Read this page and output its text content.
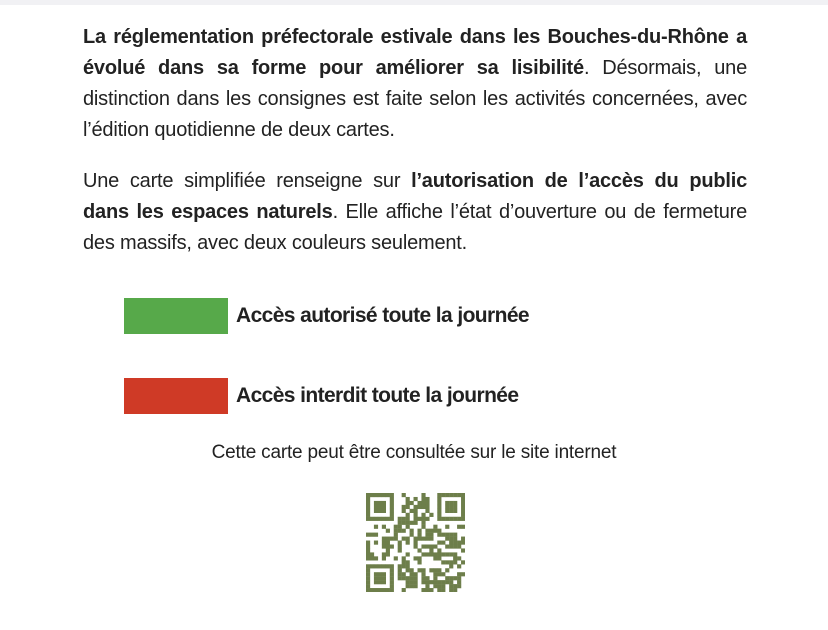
La réglementation préfectorale estivale dans les Bouches-du-Rhône a évolué dans sa forme pour améliorer sa lisibilité. Désormais, une distinction dans les consignes est faite selon les activités concernées, avec l’édition quotidienne de deux cartes.

Une carte simplifiée renseigne sur l’autorisation de l’accès du public dans les espaces naturels. Elle affiche l’état d’ouverture ou de fermeture des massifs, avec deux couleurs seulement.

Accès autorisé toute la journée
Accès interdit toute la journée
Cette carte peut être consultée sur le site internet
